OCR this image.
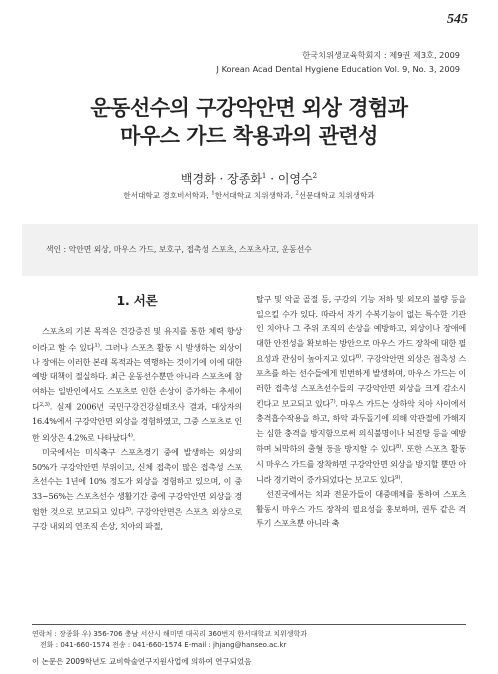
545
한국치위생교육학회지 : 제9권 제3호, 2009
J Korean Acad Dental Hygiene Education Vol. 9, No. 3, 2009
운동선수의 구강악안면 외상 경험과
마우스 가드 착용과의 관련성
백경화 · 장종화$^1$ · 이영수$^2$
한서대학교 경호비서학과, $^1$한서대학교 치위생학과, $^2$선문대학교 치위생학과
색인 : 악안면 외상, 마우스 가드, 보호구, 접촉성 스포츠, 스포츠사고, 운동선수
1. 서론

스포츠의 기본 목적은 건강증진 및 유지를 통한 체력 향상이라고 할 수 있다$^{1)}$. 그러나 스포츠 활동 시 발생하는 외상이나 장애는 이러한 본래 목적과는 역행하는 것이기에 이에 대한 예방 대책이 절실하다. 최근 운동선수뿐만 아니라 스포츠에 참여하는 일반인에서도 스포츠로 인한 손상이 증가하는 추세이다$^{2,3)}$. 실제 2006년 국민구강건강실태조사 결과, 대상자의 16.4%에서 구강악안면 외상을 경험하였고, 그중 스포츠로 인한 외상은 4.2%로 나타났다$^{4)}$.

미국에서는 미식축구 스포츠경기 중에 발생하는 외상의 50%가 구강악안면 부위이고, 신체 접촉이 많은 접촉성 스포츠선수는 1년에 10% 정도가 외상을 경험하고 있으며, 이 중 33~56%는 스포츠선수 생활기간 중에 구강악안면 외상을 경험한 것으로 보고되고 있다$^{5)}$. 구강악안면은 스포츠 외상으로 구강 내외의 연조직 손상, 치아의 파절,

탈구 및 악골 골절 등, 구강의 기능 저하 및 외모의 불량 등을 일으킬 수가 있다. 따라서 자기 수복기능이 없는 특수한 기관인 치아나 그 주위 조직의 손상을 예방하고, 외상이나 장애에 대한 안전성을 확보하는 방안으로 마우스 가드 장착에 대한 필요성과 관심이 높아지고 있다$^{6)}$. 구강악안면 외상은 접촉성 스포츠를 하는 선수들에게 빈번하게 발생하며, 마우스 가드는 이러한 접촉성 스포츠선수들의 구강악안면 외상을 크게 감소시킨다고 보고되고 있다$^{7)}$. 마우스 가드는 상하악 치아 사이에서 충격흡수작용을 하고, 하악 과두돌기에 의해 악관절에 가해지는 심한 충격을 방지함으로써 의식불명이나 뇌진탕 등을 예방하며 뇌막하의 출혈 등을 방지할 수 있다$^{8)}$. 또한 스포츠 활동시 마우스 가드를 장착하면 구강악안면 외상을 방지할 뿐만 아니라 경기력이 증가되었다는 보고도 있다$^{9)}$.

선진국에서는 치과 전문가들이 대중매체를 통하여 스포츠 활동시 마우스 가드 장착의 필요성을 홍보하며, 권투 같은 격투기 스포츠뿐 아니라 축

연락처 : 장종화 우) 356-706 충남 서산시 해미면 대곡리 360번지 한서대학교 치위생학과
전화 : 041-660-1574 전송 : 041-660-1574 E-mail : jhjang@hanseo.ac.kr
이 논문은 2009학년도 교비학술연구지원사업에 의하여 연구되었음
